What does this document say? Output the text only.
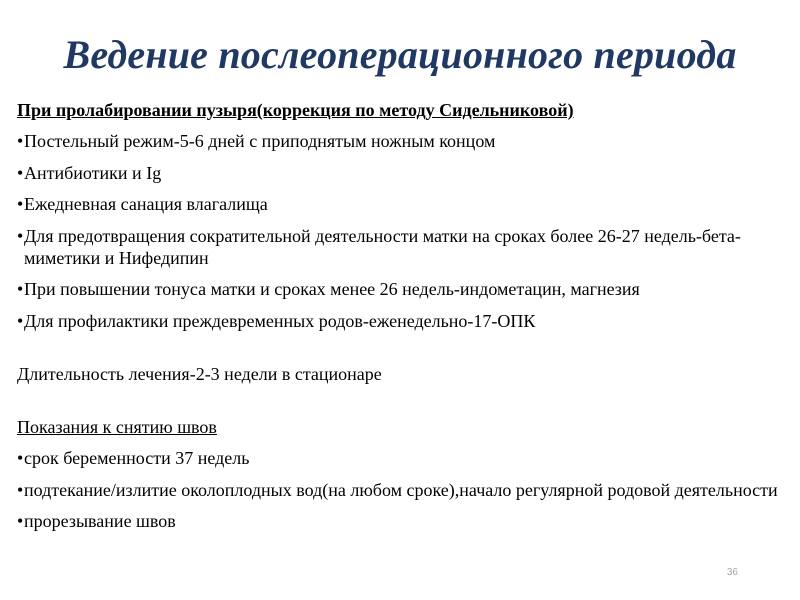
Ведение послеоперационного периода
При пролабировании пузыря(коррекция по методу Сидельниковой)
• Постельный режим-5-6 дней с приподнятым ножным концом
• Антибиотики и Ig
• Ежедневная санация влагалища
• Для предотвращения сократительной деятельности матки на сроках более 26-27 недель-бета-миметики и Нифедипин
• При повышении тонуса матки и сроках менее 26 недель-индометацин, магнезия
• Для профилактики преждевременных родов-еженедельно-17-ОПК
Длительность лечения-2-3 недели в стационаре
Показания к снятию швов
• срок беременности 37 недель
• подтекание/излитие околоплодных вод(на любом сроке),начало регулярной родовой деятельности
• прорезывание швов
36
